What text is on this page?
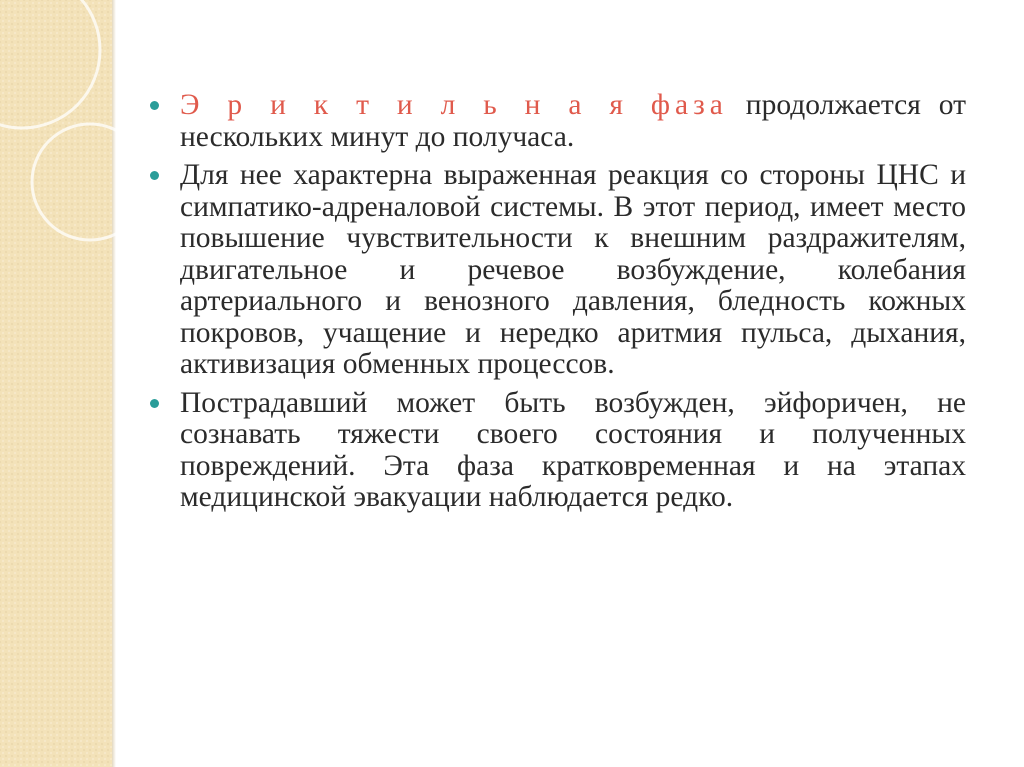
Э р и к т и л ь н а я фаза продолжается от нескольких минут до получаса.
Для нее характерна выраженная реакция со стороны ЦНС и симпатико-адреналовой системы. В этот период, имеет место повышение чувствительности к внешним раздражителям, двигательное и речевое возбуждение, колебания артериального и венозного давления, бледность кожных покровов, учащение и нередко аритмия пульса, дыхания, активизация обменных процессов.
Пострадавший может быть возбужден, эйфоричен, не сознавать тяжести своего состояния и полученных повреждений. Эта фаза кратковременная и на этапах медицинской эвакуации наблюдается редко.
